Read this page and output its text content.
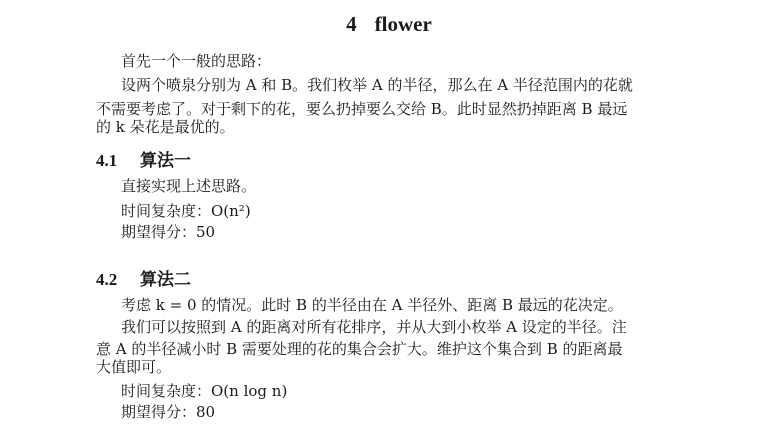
4 flower
首先一个一般的思路：
设两个喷泉分别为 A 和 B。我们枚举 A 的半径，那么在 A 半径范围内的花就
不需要考虑了。对于剩下的花，要么扔掉要么交给 B。此时显然扔掉距离 B 最远
的 k 朵花是最优的。
4.1 算法一
直接实现上述思路。
时间复杂度：O(n²)
期望得分：50
4.2 算法二
考虑 k = 0 的情况。此时 B 的半径由在 A 半径外、距离 B 最远的花决定。
我们可以按照到 A 的距离对所有花排序，并从大到小枚举 A 设定的半径。注
意 A 的半径减小时 B 需要处理的花的集合会扩大。维护这个集合到 B 的距离最
大值即可。
时间复杂度：O(n log n)
期望得分：80
